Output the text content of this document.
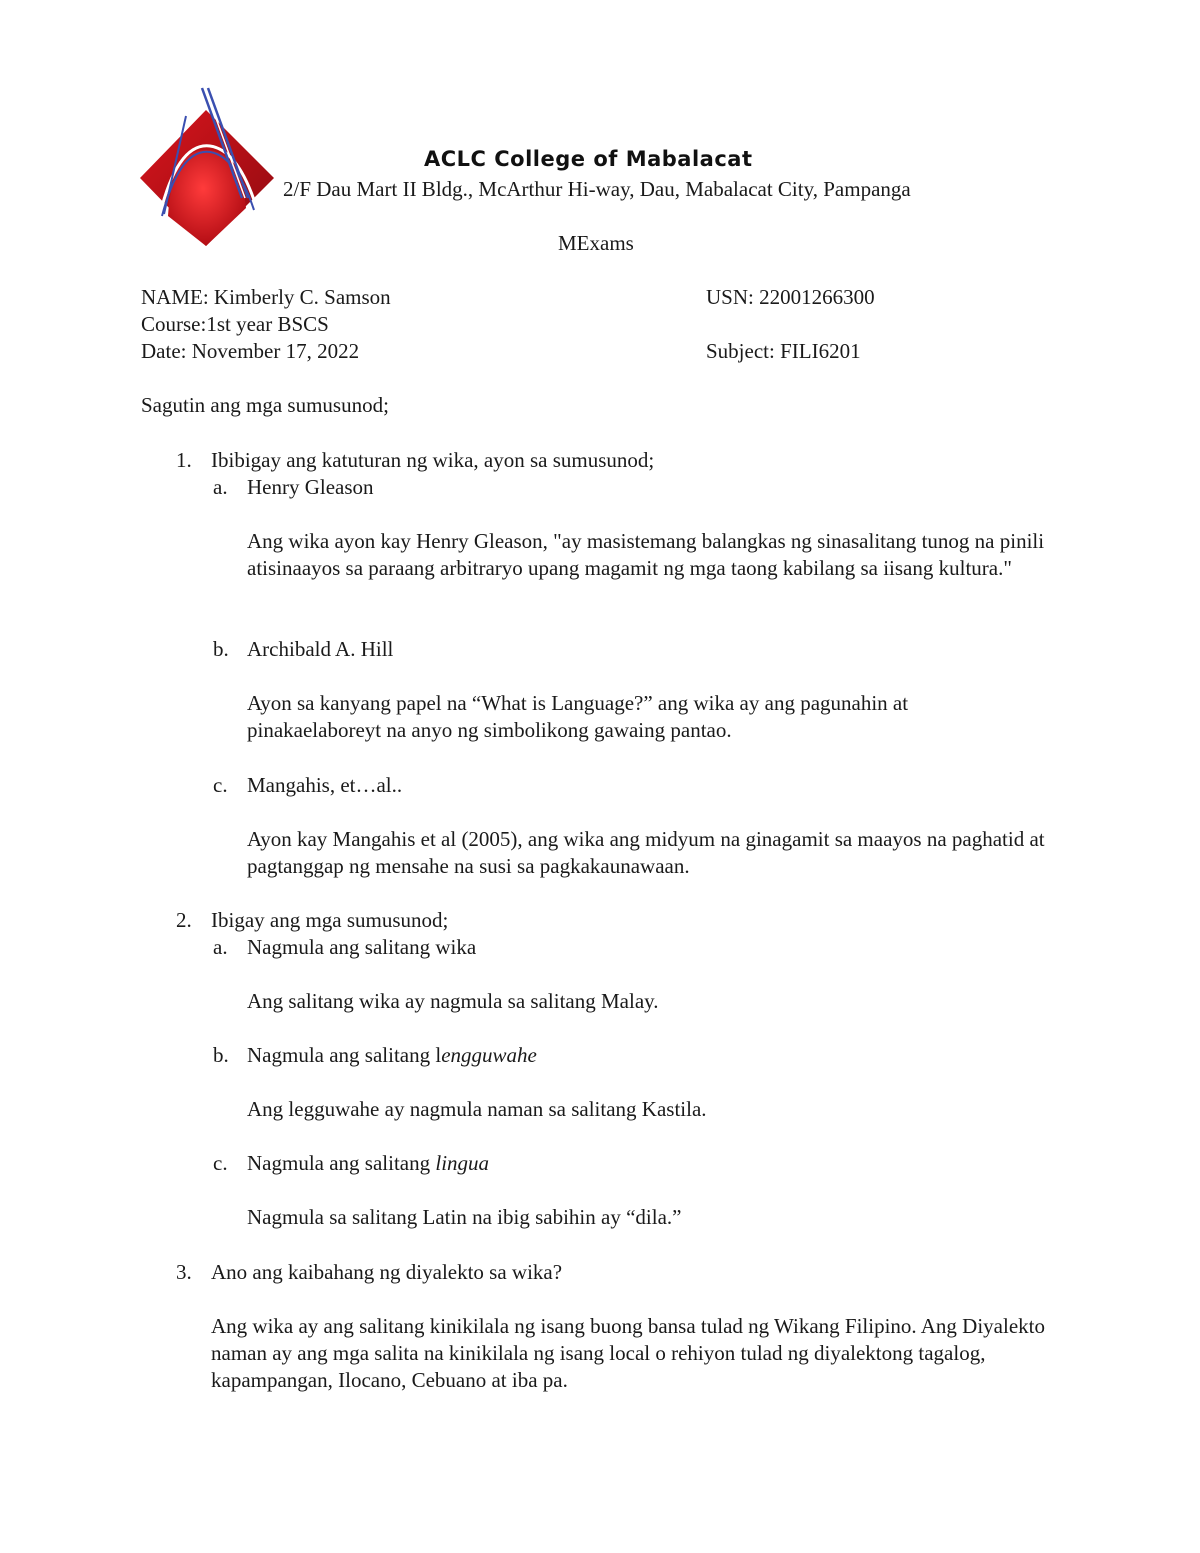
ACLC College of Mabalacat
2/F Dau Mart II Bldg., McArthur Hi-way, Dau, Mabalacat City, Pampanga
MExams
NAME: Kimberly C. Samson	USN: 22001266300
Course:1st year BSCS
Date: November 17, 2022	Subject: FILI6201
Sagutin ang mga sumusunod;
1. Ibibigay ang katuturan ng wika, ayon sa sumusunod;
a. Henry Gleason
Ang wika ayon kay Henry Gleason, "ay masistemang balangkas ng sinasalitang tunog na pinili atisinaayos sa paraang arbitraryo upang magamit ng mga taong kabilang sa iisang kultura."
b. Archibald A. Hill
Ayon sa kanyang papel na “What is Language?” ang wika ay ang pagunahin at pinakaelaboreyt na anyo ng simbolikong gawaing pantao.
c. Mangahis, et…al..
Ayon kay Mangahis et al (2005), ang wika ang midyum na ginagamit sa maayos na paghatid at pagtanggap ng mensahe na susi sa pagkakaunawaan.
2. Ibigay ang mga sumusunod;
a. Nagmula ang salitang wika
Ang salitang wika ay nagmula sa salitang Malay.
b. Nagmula ang salitang lengguwahe
Ang legguwahe ay nagmula naman sa salitang Kastila.
c. Nagmula ang salitang lingua
Nagmula sa salitang Latin na ibig sabihin ay “dila.”
3. Ano ang kaibahang ng diyalekto sa wika?
Ang wika ay ang salitang kinikilala ng isang buong bansa tulad ng Wikang Filipino. Ang Diyalekto naman ay ang mga salita na kinikilala ng isang local o rehiyon tulad ng diyalektong tagalog, kapampangan, Ilocano, Cebuano at iba pa.
